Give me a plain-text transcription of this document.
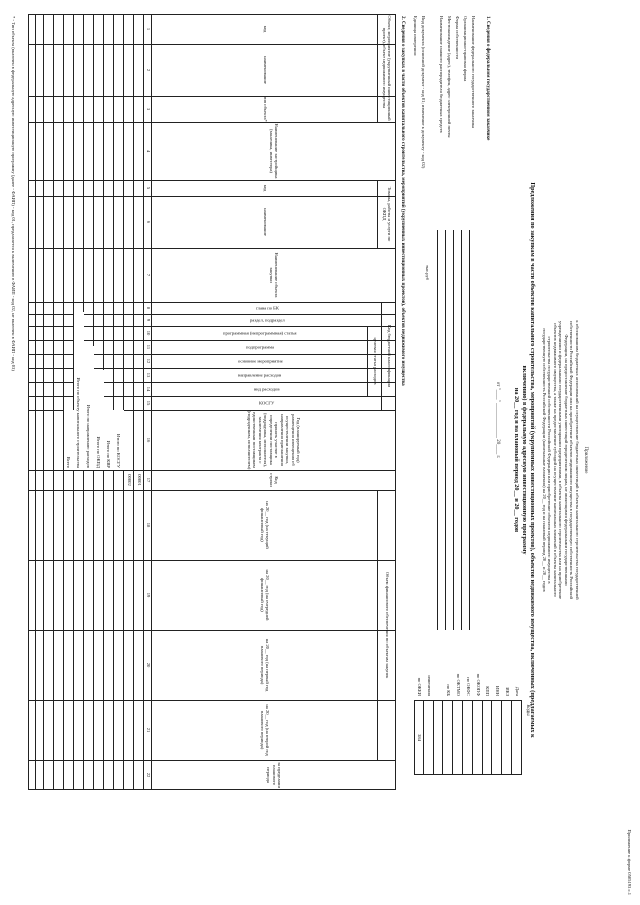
Приложение к форме 0505193 с.1
Приложение
к обоснованиям бюджетных ассигнований на осуществление бюджетных инвестиций в объекты капитального строительства государственной
собственности Российской Федерации или на приобретение объектов недвижимого имущества в государственную собственность Российской
Федерации, на предоставление бюджетных инвестиций юридическим лицам, не являющимся федеральными государственными
учреждениями и федеральными государственными унитарными предприятиями, в объекты капитального строительства или на приобретение
объектов недвижимого имущества, а также на предоставление субсидий на осуществление капитальных вложений в объекты капитального
строительства государственной собственности Российской Федерации или приобретение объектов недвижимого имущества в
государственную собственность Российской Федерации (капитальные вложения) на 20__ год и на плановый период 20__ и 20__ годов
Предложения по закупкам в части объектов капитального строительства, мероприятий (укрупненных инвестиционных проектов), объектов недвижимого имущества, включенных (предлагаемых к
включению) в федеральную адресную инвестиционную программу
на 20__ год и на плановый период 20__ и 20__ годов
от "____" ______________ 20____ г.
Коды
Дата
ИКЗ
ИНН
КПП
по ОКОПФ
по ОКФС
по ОКТМО
по КБ
изменения
по ОКЕИ
384
1. Сведения о федеральном государственном заказчике
Наименование федерального государственного заказчика
Организационно-правовая форма
Форма собственности
Местонахождение (адрес), телефон, адрес электронной почты
Наименование главного распорядителя бюджетных средств
Вид документа (основной документ - код 01; изменение к документу - код 02)
Единица измерения:
тыс.руб
2. Сведения о закупках в части объектов капитального строительства, мероприятий (укрупненных инвестиционных проектов), объектов недвижимого имущества
Объект, мероприятие (укрупненный инвестиционный проект), объект недвижимого имущества
код
наименование
тип объекта*
Наименование застройщика (заказчика, инвестора)
Товары, работы и услуги по ОКПД
код
наименование
Наименование объекта закупки
Код бюджетной классификации
целевая статья расходов
глава по БК
раздел, подраздел
программная (непрограммная) статья
подпрограмма
основное мероприятие
направление расходов
вид расходов
КОСГУ
Год (планируемый год) размещения извещения об осуществлении закупки, направления приглашения принять участие в определении поставщика (подрядчика, исполнителя), заключения контракта с единственным поставщиком (подрядчиком, исполнителем)
Код строки
Объем финансового обеспечения по объектам закупок
на 20__ год (на текущий финансовый год)
на 20__ год (на очередной финансовый год)
на 20__ год (на первый год планового периода)
на 20__ год (на второй год планового периода)
за пределами планового периода
1
2
3
4
5
6
7
8
9
10
11
12
13
14
15
16
17
18
19
20
21
22
00001
00002
Итого по КОСГУ
Итого по КВР
Итого по ОКПД
Итого по направлению расходов
Итого по объекту капитального строительства
Всего
* - Тип объекта (включен в федеральную адресную инвестиционную программу (далее - ФАИП) - код 01, предлагается к включению в ФАИП - код 02, не включен в ФАИП - код 03)
